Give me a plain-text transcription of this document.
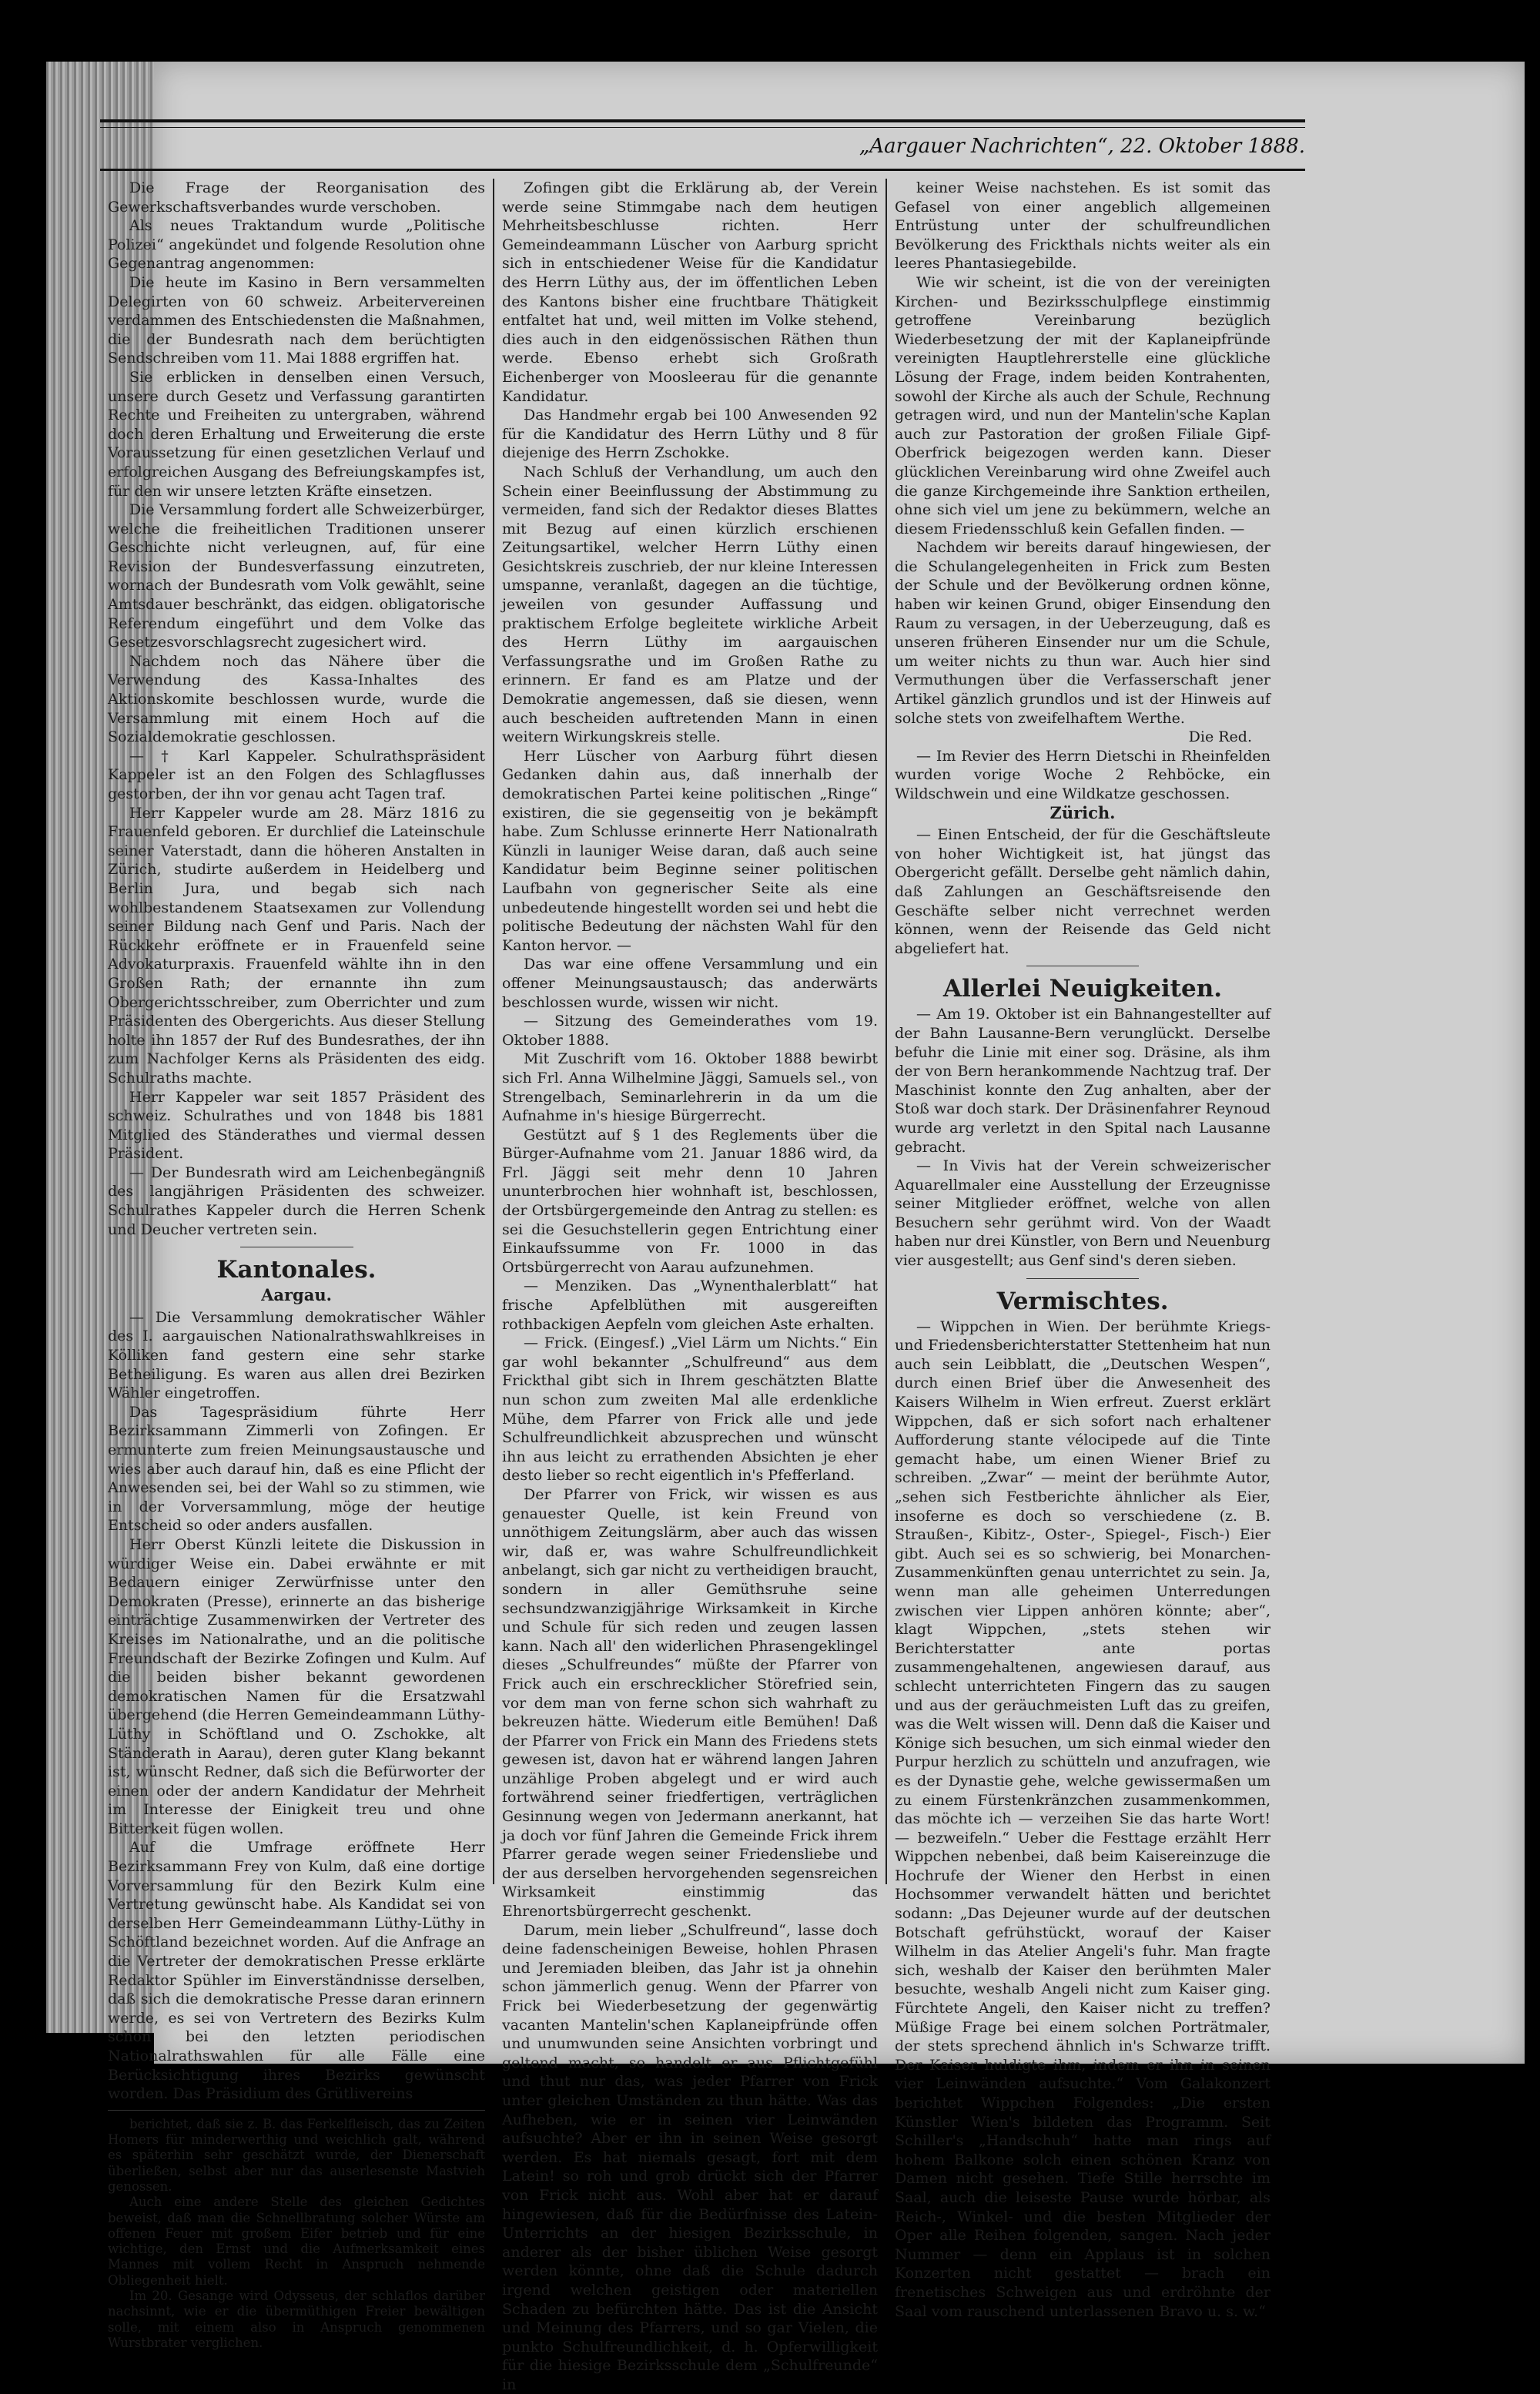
„Aargauer Nachrichten“, 22. Oktober 1888.

Die Frage der Reorganisation des Gewerkschaftsverbandes wurde verschoben.

Als neues Traktandum wurde „Politische Polizei“ angekündet und folgende Resolution ohne Gegenantrag angenommen:

Die heute im Kasino in Bern versammelten Delegirten von 60 schweiz. Arbeitervereinen verdammen des Entschiedensten die Maßnahmen, die der Bundesrath nach dem berüchtigten Sendschreiben vom 11. Mai 1888 ergriffen hat.

Sie erblicken in denselben einen Versuch, unsere durch Gesetz und Verfassung garantirten Rechte und Freiheiten zu untergraben, während doch deren Erhaltung und Erweiterung die erste Voraussetzung für einen gesetzlichen Verlauf und erfolgreichen Ausgang des Befreiungskampfes ist, für den wir unsere letzten Kräfte einsetzen.

Die Versammlung fordert alle Schweizerbürger, welche die freiheitlichen Traditionen unserer Geschichte nicht verleugnen, auf, für eine Revision der Bundesverfassung einzutreten, wornach der Bundesrath vom Volk gewählt, seine Amtsdauer beschränkt, das eidgen. obligatorische Referendum eingeführt und dem Volke das Gesetzesvorschlagsrecht zugesichert wird.

Nachdem noch das Nähere über die Verwendung des Kassa-Inhaltes des Aktionskomite beschlossen wurde, wurde die Versammlung mit einem Hoch auf die Sozialdemokratie geschlossen.

— † Karl Kappeler. Schulrathspräsident Kappeler ist an den Folgen des Schlagflusses gestorben, der ihn vor genau acht Tagen traf.

Herr Kappeler wurde am 28. März 1816 zu Frauenfeld geboren. Er durchlief die Lateinschule seiner Vaterstadt, dann die höheren Anstalten in Zürich, studirte außerdem in Heidelberg und Berlin Jura, und begab sich nach wohlbestandenem Staatsexamen zur Vollendung seiner Bildung nach Genf und Paris. Nach der Rückkehr eröffnete er in Frauenfeld seine Advokaturpraxis. Frauenfeld wählte ihn in den Großen Rath; der ernannte ihn zum Obergerichtsschreiber, zum Oberrichter und zum Präsidenten des Obergerichts. Aus dieser Stellung holte ihn 1857 der Ruf des Bundesrathes, der ihn zum Nachfolger Kerns als Präsidenten des eidg. Schulraths machte.

Herr Kappeler war seit 1857 Präsident des schweiz. Schulrathes und von 1848 bis 1881 Mitglied des Ständerathes und viermal dessen Präsident.

— Der Bundesrath wird am Leichenbegängniß des langjährigen Präsidenten des schweizer. Schulrathes Kappeler durch die Herren Schenk und Deucher vertreten sein.

Kantonales.
Aargau.

— Die Versammlung demokratischer Wähler des I. aargauischen Nationalrathswahlkreises in Kölliken fand gestern eine sehr starke Betheiligung. Es waren aus allen drei Bezirken Wähler eingetroffen.

Das Tagespräsidium führte Herr Bezirksammann Zimmerli von Zofingen. Er ermunterte zum freien Meinungsaustausche und wies aber auch darauf hin, daß es eine Pflicht der Anwesenden sei, bei der Wahl so zu stimmen, wie in der Vorversammlung, möge der heutige Entscheid so oder anders ausfallen.

Herr Oberst Künzli leitete die Diskussion in würdiger Weise ein. Dabei erwähnte er mit Bedauern einiger Zerwürfnisse unter den Demokraten (Presse), erinnerte an das bisherige einträchtige Zusammenwirken der Vertreter des Kreises im Nationalrathe, und an die politische Freundschaft der Bezirke Zofingen und Kulm. Auf die beiden bisher bekannt gewordenen demokratischen Namen für die Ersatzwahl übergehend (die Herren Gemeindeammann Lüthy-Lüthy in Schöftland und O. Zschokke, alt Ständerath in Aarau), deren guter Klang bekannt ist, wünscht Redner, daß sich die Befürworter der einen oder der andern Kandidatur der Mehrheit im Interesse der Einigkeit treu und ohne Bitterkeit fügen wollen.

Auf die Umfrage eröffnete Herr Bezirksammann Frey von Kulm, daß eine dortige Vorversammlung für den Bezirk Kulm eine Vertretung gewünscht habe. Als Kandidat sei von derselben Herr Gemeindeammann Lüthy-Lüthy in Schöftland bezeichnet worden. Auf die Anfrage an die Vertreter der demokratischen Presse erklärte Redaktor Spühler im Einverständnisse derselben, daß sich die demokratische Presse daran erinnern werde, es sei von Vertretern des Bezirks Kulm schon bei den letzten periodischen Nationalrathswahlen für alle Fälle eine Berücksichtigung ihres Bezirks gewünscht worden. Das Präsidium des Grütlivereins

berichtet, daß sie z. B. das Ferkelfleisch, das zu Zeiten Homers für minderwerthig und weichlich galt, während es späterhin sehr geschätzt wurde, der Dienerschaft überließen, selbst aber nur das auserlesenste Mastvieh genossen.

Auch eine andere Stelle des gleichen Gedichtes beweist, daß man die Schnellbratung solcher Würste am offenen Feuer mit großem Eifer betrieb und für eine wichtige, den Ernst und die Aufmerksamkeit eines Mannes mit vollem Recht in Anspruch nehmende Obliegenheit hielt.

Im 20. Gesange wird Odysseus, der schlaflos darüber nachsinnt, wie er die übermüthigen Freier bewältigen solle, mit einem also in Anspruch genommenen Wurstbrater verglichen.

Zofingen gibt die Erklärung ab, der Verein werde seine Stimmgabe nach dem heutigen Mehrheitsbeschlusse richten. Herr Gemeindeammann Lüscher von Aarburg spricht sich in entschiedener Weise für die Kandidatur des Herrn Lüthy aus, der im öffentlichen Leben des Kantons bisher eine fruchtbare Thätigkeit entfaltet hat und, weil mitten im Volke stehend, dies auch in den eidgenössischen Räthen thun werde. Ebenso erhebt sich Großrath Eichenberger von Moosleerau für die genannte Kandidatur.

Das Handmehr ergab bei 100 Anwesenden 92 für die Kandidatur des Herrn Lüthy und 8 für diejenige des Herrn Zschokke.

Nach Schluß der Verhandlung, um auch den Schein einer Beeinflussung der Abstimmung zu vermeiden, fand sich der Redaktor dieses Blattes mit Bezug auf einen kürzlich erschienen Zeitungsartikel, welcher Herrn Lüthy einen Gesichtskreis zuschrieb, der nur kleine Interessen umspanne, veranlaßt, dagegen an die tüchtige, jeweilen von gesunder Auffassung und praktischem Erfolge begleitete wirkliche Arbeit des Herrn Lüthy im aargauischen Verfassungsrathe und im Großen Rathe zu erinnern. Er fand es am Platze und der Demokratie angemessen, daß sie diesen, wenn auch bescheiden auftretenden Mann in einen weitern Wirkungskreis stelle.

Herr Lüscher von Aarburg führt diesen Gedanken dahin aus, daß innerhalb der demokratischen Partei keine politischen „Ringe“ existiren, die sie gegenseitig von je bekämpft habe. Zum Schlusse erinnerte Herr Nationalrath Künzli in launiger Weise daran, daß auch seine Kandidatur beim Beginne seiner politischen Laufbahn von gegnerischer Seite als eine unbedeutende hingestellt worden sei und hebt die politische Bedeutung der nächsten Wahl für den Kanton hervor. —

Das war eine offene Versammlung und ein offener Meinungsaustausch; das anderwärts beschlossen wurde, wissen wir nicht.

— Sitzung des Gemeinderathes vom 19. Oktober 1888.

Mit Zuschrift vom 16. Oktober 1888 bewirbt sich Frl. Anna Wilhelmine Jäggi, Samuels sel., von Strengelbach, Seminarlehrerin in da um die Aufnahme in's hiesige Bürgerrecht.

Gestützt auf § 1 des Reglements über die Bürger-Aufnahme vom 21. Januar 1886 wird, da Frl. Jäggi seit mehr denn 10 Jahren ununterbrochen hier wohnhaft ist, beschlossen, der Ortsbürgergemeinde den Antrag zu stellen: es sei die Gesuchstellerin gegen Entrichtung einer Einkaufssumme von Fr. 1000 in das Ortsbürgerrecht von Aarau aufzunehmen.

— Menziken. Das „Wynenthalerblatt“ hat frische Apfelblüthen mit ausgereiften rothbackigen Aepfeln vom gleichen Aste erhalten.

— Frick. (Eingesf.) „Viel Lärm um Nichts.“ Ein gar wohl bekannter „Schulfreund“ aus dem Frickthal gibt sich in Ihrem geschätzten Blatte nun schon zum zweiten Mal alle erdenkliche Mühe, dem Pfarrer von Frick alle und jede Schulfreundlichkeit abzusprechen und wünscht ihn aus leicht zu errathenden Absichten je eher desto lieber so recht eigentlich in's Pfefferland.

Der Pfarrer von Frick, wir wissen es aus genauester Quelle, ist kein Freund von unnöthigem Zeitungslärm, aber auch das wissen wir, daß er, was wahre Schulfreundlichkeit anbelangt, sich gar nicht zu vertheidigen braucht, sondern in aller Gemüthsruhe seine sechsundzwanzigjährige Wirksamkeit in Kirche und Schule für sich reden und zeugen lassen kann. Nach all' den widerlichen Phrasengeklingel dieses „Schulfreundes“ müßte der Pfarrer von Frick auch ein erschrecklicher Störefried sein, vor dem man von ferne schon sich wahrhaft zu bekreuzen hätte. Wiederum eitle Bemühen! Daß der Pfarrer von Frick ein Mann des Friedens stets gewesen ist, davon hat er während langen Jahren unzählige Proben abgelegt und er wird auch fortwährend seiner friedfertigen, verträglichen Gesinnung wegen von Jedermann anerkannt, hat ja doch vor fünf Jahren die Gemeinde Frick ihrem Pfarrer gerade wegen seiner Friedensliebe und der aus derselben hervorgehenden segensreichen Wirksamkeit einstimmig das Ehrenortsbürgerrecht geschenkt.

Darum, mein lieber „Schulfreund“, lasse doch deine fadenscheinigen Beweise, hohlen Phrasen und Jeremiaden bleiben, das Jahr ist ja ohnehin schon jämmerlich genug. Wenn der Pfarrer von Frick bei Wiederbesetzung der gegenwärtig vacanten Mantelin'schen Kaplaneipfründe offen und unumwunden seine Ansichten vorbringt und geltend macht, so handelt er aus Pflichtgefühl und thut nur das, was jeder Pfarrer von Frick unter gleichen Umständen zu thun hätte. Was das Aufheben, wie er in seinen vier Leinwänden aufsuchte? Aber er ihn in seinen Weise gesorgt werden. Es hat niemals gesagt, fort mit dem Latein! so roh und grob drückt sich der Pfarrer von Frick nicht aus. Wohl aber hat er darauf hingewiesen, daß für die Bedürfnisse des Latein-Unterrichts an der hiesigen Bezirksschule, in anderer als der bisher üblichen Weise gesorgt werden könnte, ohne daß die Schule dadurch irgend welchen geistigen oder materiellen Schaden zu befürchten hätte. Das ist die Ansicht und Meinung des Pfarrers, und so gar Vielen, die punkto Schulfreundlichkeit, d. h. Opferwilligkeit für die hiesige Bezirksschule dem „Schulfreunde“ in

keiner Weise nachstehen. Es ist somit das Gefasel von einer angeblich allgemeinen Entrüstung unter der schulfreundlichen Bevölkerung des Frickthals nichts weiter als ein leeres Phantasiegebilde.

Wie wir scheint, ist die von der vereinigten Kirchen- und Bezirksschulpflege einstimmig getroffene Vereinbarung bezüglich Wiederbesetzung der mit der Kaplaneipfründe vereinigten Hauptlehrerstelle eine glückliche Lösung der Frage, indem beiden Kontrahenten, sowohl der Kirche als auch der Schule, Rechnung getragen wird, und nun der Mantelin'sche Kaplan auch zur Pastoration der großen Filiale Gipf-Oberfrick beigezogen werden kann. Dieser glücklichen Vereinbarung wird ohne Zweifel auch die ganze Kirchgemeinde ihre Sanktion ertheilen, ohne sich viel um jene zu bekümmern, welche an diesem Friedensschluß kein Gefallen finden. —

Nachdem wir bereits darauf hingewiesen, der die Schulangelegenheiten in Frick zum Besten der Schule und der Bevölkerung ordnen könne, haben wir keinen Grund, obiger Einsendung den Raum zu versagen, in der Ueberzeugung, daß es unseren früheren Einsender nur um die Schule, um weiter nichts zu thun war. Auch hier sind Vermuthungen über die Verfasserschaft jener Artikel gänzlich grundlos und ist der Hinweis auf solche stets von zweifelhaftem Werthe.

Die Red.

— Im Revier des Herrn Dietschi in Rheinfelden wurden vorige Woche 2 Rehböcke, ein Wildschwein und eine Wildkatze geschossen.

Zürich.

— Einen Entscheid, der für die Geschäftsleute von hoher Wichtigkeit ist, hat jüngst das Obergericht gefällt. Derselbe geht nämlich dahin, daß Zahlungen an Geschäftsreisende den Geschäfte selber nicht verrechnet werden können, wenn der Reisende das Geld nicht abgeliefert hat.

Allerlei Neuigkeiten.

— Am 19. Oktober ist ein Bahnangestellter auf der Bahn Lausanne-Bern verunglückt. Derselbe befuhr die Linie mit einer sog. Dräsine, als ihm der von Bern herankommende Nachtzug traf. Der Maschinist konnte den Zug anhalten, aber der Stoß war doch stark. Der Dräsinenfahrer Reynoud wurde arg verletzt in den Spital nach Lausanne gebracht.

— In Vivis hat der Verein schweizerischer Aquarellmaler eine Ausstellung der Erzeugnisse seiner Mitglieder eröffnet, welche von allen Besuchern sehr gerühmt wird. Von der Waadt haben nur drei Künstler, von Bern und Neuenburg vier ausgestellt; aus Genf sind's deren sieben.

Vermischtes.

— Wippchen in Wien. Der berühmte Kriegs- und Friedensberichterstatter Stettenheim hat nun auch sein Leibblatt, die „Deutschen Wespen“, durch einen Brief über die Anwesenheit des Kaisers Wilhelm in Wien erfreut. Zuerst erklärt Wippchen, daß er sich sofort nach erhaltener Aufforderung stante vélocipede auf die Tinte gemacht habe, um einen Wiener Brief zu schreiben. „Zwar“ — meint der berühmte Autor, „sehen sich Festberichte ähnlicher als Eier, insoferne es doch so verschiedene (z. B. Straußen-, Kibitz-, Oster-, Spiegel-, Fisch-) Eier gibt. Auch sei es so schwierig, bei Monarchen-Zusammenkünften genau unterrichtet zu sein. Ja, wenn man alle geheimen Unterredungen zwischen vier Lippen anhören könnte; aber“, klagt Wippchen, „stets stehen wir Berichterstatter ante portas zusammengehaltenen, angewiesen darauf, aus schlecht unterrichteten Fingern das zu saugen und aus der geräuchmeisten Luft das zu greifen, was die Welt wissen will. Denn daß die Kaiser und Könige sich besuchen, um sich einmal wieder den Purpur herzlich zu schütteln und anzufragen, wie es der Dynastie gehe, welche gewissermaßen um zu einem Fürstenkränzchen zusammenkommen, das möchte ich — verzeihen Sie das harte Wort! — bezweifeln.“ Ueber die Festtage erzählt Herr Wippchen nebenbei, daß beim Kaisereinzuge die Hochrufe der Wiener den Herbst in einen Hochsommer verwandelt hätten und berichtet sodann: „Das Dejeuner wurde auf der deutschen Botschaft gefrühstückt, worauf der Kaiser Wilhelm in das Atelier Angeli's fuhr. Man fragte sich, weshalb der Kaiser den berühmten Maler besuchte, weshalb Angeli nicht zum Kaiser ging. Fürchtete Angeli, den Kaiser nicht zu treffen? Müßige Frage bei einem solchen Porträtmaler, der stets sprechend ähnlich in's Schwarze trifft. Der Kaiser huldigte ihm, indem er ihn in seinen vier Leinwänden aufsuchte.“ Vom Galakonzert berichtet Wippchen Folgendes: „Die ersten Künstler Wien's bildeten das Programm. Seit Schiller's „Handschuh“ hatte man rings auf hohem Balkone solch einen schönen Kranz von Damen nicht gesehen. Tiefe Stille herrschte im Saal, auch die leiseste Pause wurde hörbar, als Reich-, Winkel- und die besten Mitglieder der Oper alle Reihen folgenden, sangen. Nach jeder Nummer — denn ein Applaus ist in solchen Konzerten nicht gestattet — brach ein frenetisches Schweigen aus und erdröhnte der Saal vom rauschend unterlassenen Bravo u. s. w.“
